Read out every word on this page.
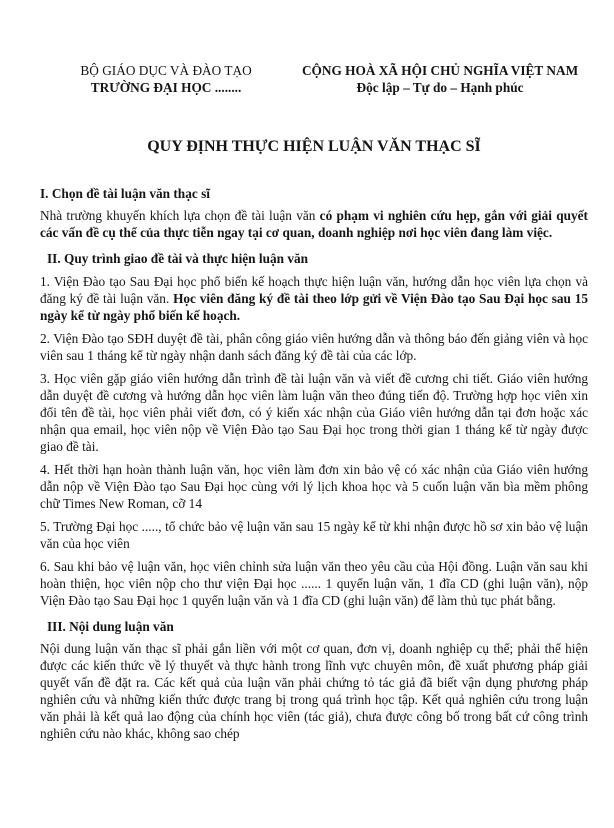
BỘ GIÁO DỤC VÀ ĐÀO TẠO
TRƯỜNG ĐẠI HỌC ........
CỘNG HOÀ XÃ HỘI CHỦ NGHĨA VIỆT NAM
Độc lập – Tự do – Hạnh phúc
QUY ĐỊNH THỰC HIỆN LUẬN VĂN THẠC SĨ
I. Chọn đề tài luận văn thạc sĩ

Nhà trường khuyến khích lựa chọn đề tài luận văn có phạm vi nghiên cứu hẹp, gắn với giải quyết các vấn đề cụ thể của thực tiễn ngay tại cơ quan, doanh nghiệp nơi học viên đang làm việc.

II. Quy trình giao đề tài và thực hiện luận văn

1. Viện Đào tạo Sau Đại học phổ biến kế hoạch thực hiện luận văn, hướng dẫn học viên lựa chọn và đăng ký đề tài luận văn. Học viên đăng ký đề tài theo lớp gửi về Viện Đào tạo Sau Đại học sau 15 ngày kể từ ngày phổ biến kế hoạch.

2. Viện Đào tạo SĐH duyệt đề tài, phân công giáo viên hướng dẫn và thông báo đến giảng viên và học viên sau 1 tháng kể từ ngày nhận danh sách đăng ký đề tài của các lớp.

3. Học viên gặp giáo viên hướng dẫn trình đề tài luận văn và viết đề cương chi tiết. Giáo viên hướng dẫn duyệt đề cương và hướng dẫn học viên làm luận văn theo đúng tiến độ. Trường hợp học viên xin đổi tên đề tài, học viên phải viết đơn, có ý kiến xác nhận của Giáo viên hướng dẫn tại đơn hoặc xác nhận qua email, học viên nộp về Viện Đào tạo Sau Đại học trong thời gian 1 tháng kể từ ngày được giao đề tài.

4. Hết thời hạn hoàn thành luận văn, học viên làm đơn xin bảo vệ có xác nhận của Giáo viên hướng dẫn nộp về Viện Đào tạo Sau Đại học cùng với lý lịch khoa học và 5 cuốn luận văn bìa mềm phông chữ Times New Roman, cỡ 14

5. Trường Đại học ....., tổ chức bảo vệ luận văn sau 15 ngày kể từ khi nhận được hồ sơ xin bảo vệ luận văn của học viên

6. Sau khi bảo vệ luận văn, học viên chỉnh sửa luận văn theo yêu cầu của Hội đồng. Luận văn sau khi hoàn thiện, học viên nộp cho thư viện Đại học ...... 1 quyển luận văn, 1 đĩa CD (ghi luận văn), nộp Viện Đào tạo Sau Đại học 1 quyển luận văn và 1 đĩa CD (ghi luận văn) để làm thủ tục phát bằng.

III. Nội dung luận văn

Nội dung luận văn thạc sĩ phải gắn liền với một cơ quan, đơn vị, doanh nghiệp cụ thể; phải thể hiện được các kiến thức về lý thuyết và thực hành trong lĩnh vực chuyên môn, đề xuất phương pháp giải quyết vấn đề đặt ra. Các kết quả của luận văn phải chứng tỏ tác giả đã biết vận dụng phương pháp nghiên cứu và những kiến thức được trang bị trong quá trình học tập. Kết quả nghiên cứu trong luận văn phải là kết quả lao động của chính học viên (tác giả), chưa được công bố trong bất cứ công trình nghiên cứu nào khác, không sao chép
